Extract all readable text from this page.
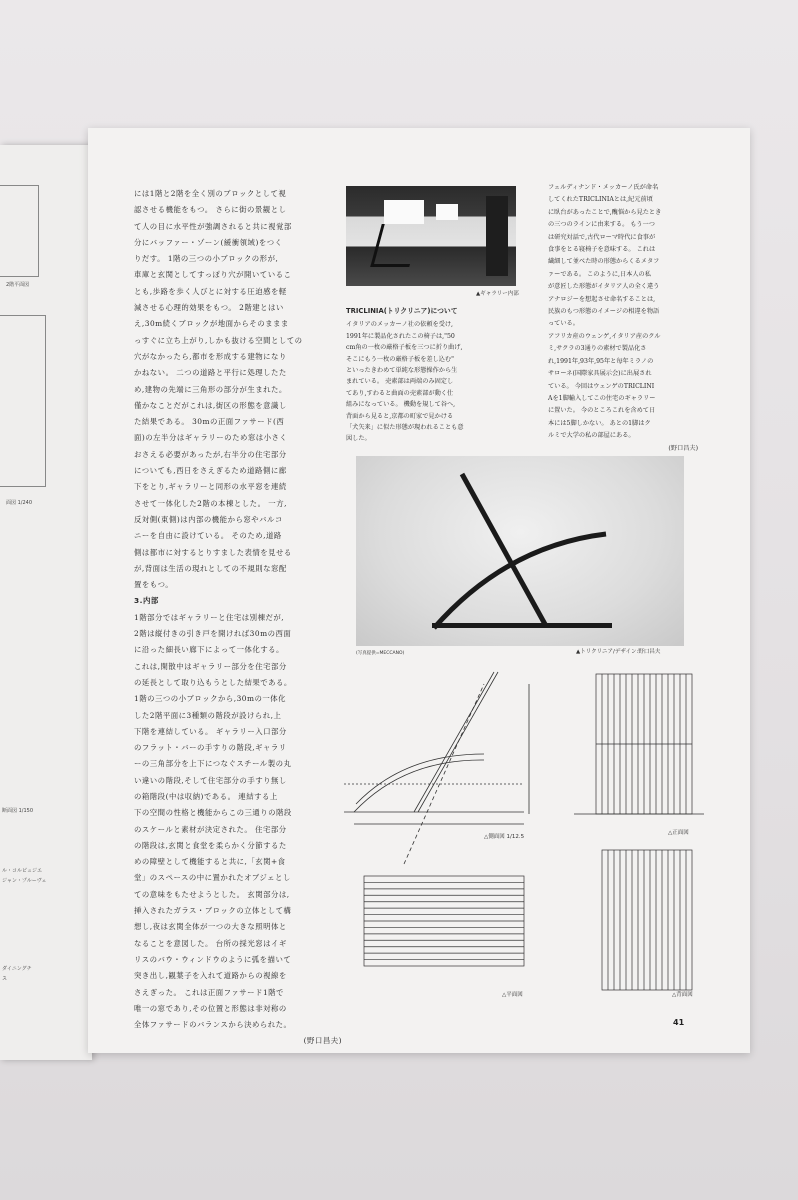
2階平面図
面図 1/240
断面図 1/150
ル・コルビュジエ
ジャン・プルーヴェ
ダイニングチ
ス

には1階と2階を全く別のブロックとして視

認させる機能をもつ。 さらに街の景観とし

て人の目に水平性が強調されると共に視覚部

分にバッファー・ゾーン(緩衝領域)をつく

りだす。 1階の三つの小ブロックの形が,

車庫と玄関としてすっぽり穴が開いているこ

とも,歩路を歩く人びとに対する圧迫感を軽

減させる心理的効果をもつ。 2階建とはい

え,30m続くブロックが地面からそのままま

っすぐに立ち上がり,しかも抜ける空間としての

穴がなかったら,都市を形成する建物になり

かねない。 二つの道路と平行に処理したた

め,建物の先端に三角形の部分が生まれた。

僅かなことだがこれは,街区の形態を意識し

た結果である。 30mの正面ファサード(西

面)の左半分はギャラリーのため窓は小さく

おさえる必要があったが,右半分の住宅部分

についても,西日をさえぎるため道路側に廊

下をとり,ギャラリーと同形の水平窓を連続

させて一体化した2階の本棟とした。 一方,

反対側(東側)は内部の機能から窓やバルコ

ニーを自由に設けている。 そのため,道路

側は都市に対するとりすました表情を見せる

が,背面は生活の現れとしての不規則な窓配

置をもつ。

3.内部

1階部分ではギャラリーと住宅は別棟だが,

2階は縦付きの引き戸を開ければ30mの西面

に沿った細長い廊下によって一体化する。

これは,閑散中はギャラリー部分を住宅部分

の延長として取り込もうとした結果である。

1階の三つの小ブロックから,30mの一体化

した2階平面に3種類の階段が設けられ,上

下階を連結している。 ギャラリー入口部分

のフラット・バーの手すりの階段,ギャラリ

ーの三角部分を上下につなぐスチール製の丸

い違いの階段,そして住宅部分の手すり無し

の箱階段(中は収納)である。 連結する上

下の空間の性格と機能からこの三通りの階段

のスケールと素材が決定された。 住宅部分

の階段は,玄関と食堂を柔らかく分節するた

めの障壁として機能すると共に,「玄関+食

堂」のスペースの中に置かれたオブジェとし

ての意味をもたせようとした。 玄関部分は,

挿入されたガラス・ブロックの立体として構

想し,夜は玄関全体が一つの大きな照明体と

なることを意図した。 台所の採光窓はイギ

リスのバウ・ウィンドウのように弧を描いて

突き出し,観葉子を入れて道路からの視線を

さえぎった。 これは正面ファサード1階で

唯一の窓であり,その位置と形態は非対称の

全体ファサードのバランスから決められた。

(野口昌夫)

▲ギャラリー内部

TRICLINIA(トリクリニア)について

イタリアのメッカーノ社の依頼を受け,

1991年に製品化されたこの椅子は,"50

cm角の一枚の厳格子板を三つに折り曲げ,

そこにもう一枚の厳格子板を差し込む"

といったきわめて単純な形態操作から生

まれている。 売素部は両端のみ固定し

てあり,すわると曲面の売素部が動く仕

組みになっている。 機動を規して谷へ,

背面から見ると,京都の町家で見かける

「犬矢来」に似た形態が現われることも意

図した。

フェルディナンド・メッカーノ氏が命名

してくれたTRICLINIAとは,紀元前頃

に臥台があったことで,醜悩から見たとき

の三つのラインに由来する。 もう一つ

は研究対話で,古代ローマ時代に食事が

食事をとる寝椅子を意味する。 これは

繊細して並べた時の形態からくるメタフ

ァーである。 このように,日本人の私

が意匠した形態がイタリア人の全く違う

アナロジーを想起させ命名することは,

民族のもつ形態のイメージの相違を物語

っている。

アフリカ産のウェンゲ,イタリア産のクル

ミ,サクラの3通りの素材で製品化さ

れ,1991年,93年,95年と毎年ミラノの

サローネ(国際家具展示会)に出展され

ている。 今回はウェンゲのTRICLINI

Aを1脚輸入してこの住宅のギャラリー

に置いた。 今のところこれを含めて日

本には5脚しかない。 あとの1脚はク

ルミで大学の私の部屋にある。

(野口昌夫)

(写真提供=MECCANO)	▲トリクリニア/デザイン:野口昌夫
△側面図 1/12.5
△正面図
△平面図	△背面図
41
